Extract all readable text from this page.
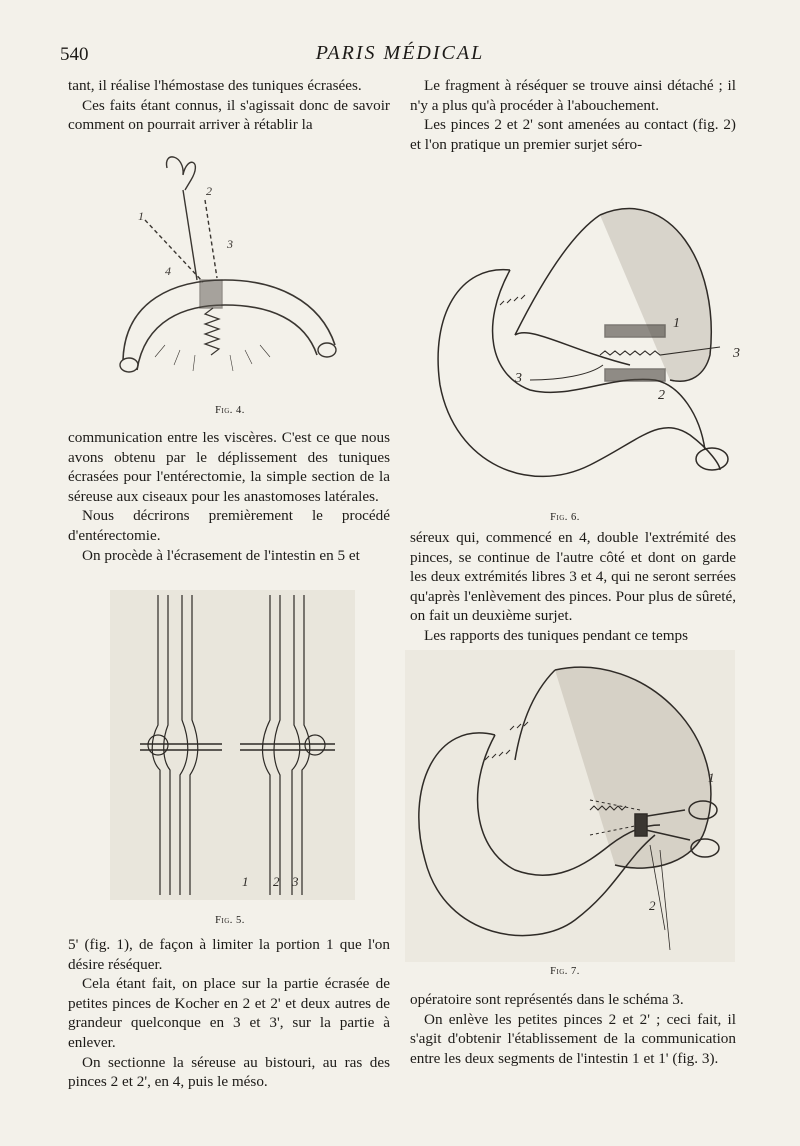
540	PARIS MÉDICAL

tant, il réalise l'hémostase des tuniques écrasées.

Ces faits étant connus, il s'agissait donc de savoir comment on pourrait arriver à rétablir la

1
2
3
4
Fig. 4.

communication entre les viscères. C'est ce que nous avons obtenu par le déplissement des tuniques écrasées pour l'entérectomie, la simple section de la séreuse aux ciseaux pour les anastomoses latérales.

Nous décrirons premièrement le procédé d'entérectomie.

On procède à l'écrasement de l'intestin en 5 et

1 2 3
Fig. 5.

5' (fig. 1), de façon à limiter la portion 1 que l'on désire réséquer.

Cela étant fait, on place sur la partie écrasée de petites pinces de Kocher en 2 et 2' et deux autres de grandeur quelconque en 3 et 3', sur la partie à enlever.

On sectionne la séreuse au bistouri, au ras des pinces 2 et 2', en 4, puis le méso.

Le fragment à réséquer se trouve ainsi détaché ; il n'y a plus qu'à procéder à l'abouchement.

Les pinces 2 et 2' sont amenées au contact (fig. 2) et l'on pratique un premier surjet séro-

1
2
3
3
Fig. 6.

séreux qui, commencé en 4, double l'extrémité des pinces, se continue de l'autre côté et dont on garde les deux extrémités libres 3 et 4, qui ne seront serrées qu'après l'enlèvement des pinces. Pour plus de sûreté, on fait un deuxième surjet.

Les rapports des tuniques pendant ce temps

1
2
Fig. 7.

opératoire sont représentés dans le schéma 3.

On enlève les petites pinces 2 et 2' ; ceci fait, il s'agit d'obtenir l'établissement de la communication entre les deux segments de l'intestin 1 et 1' (fig. 3).
